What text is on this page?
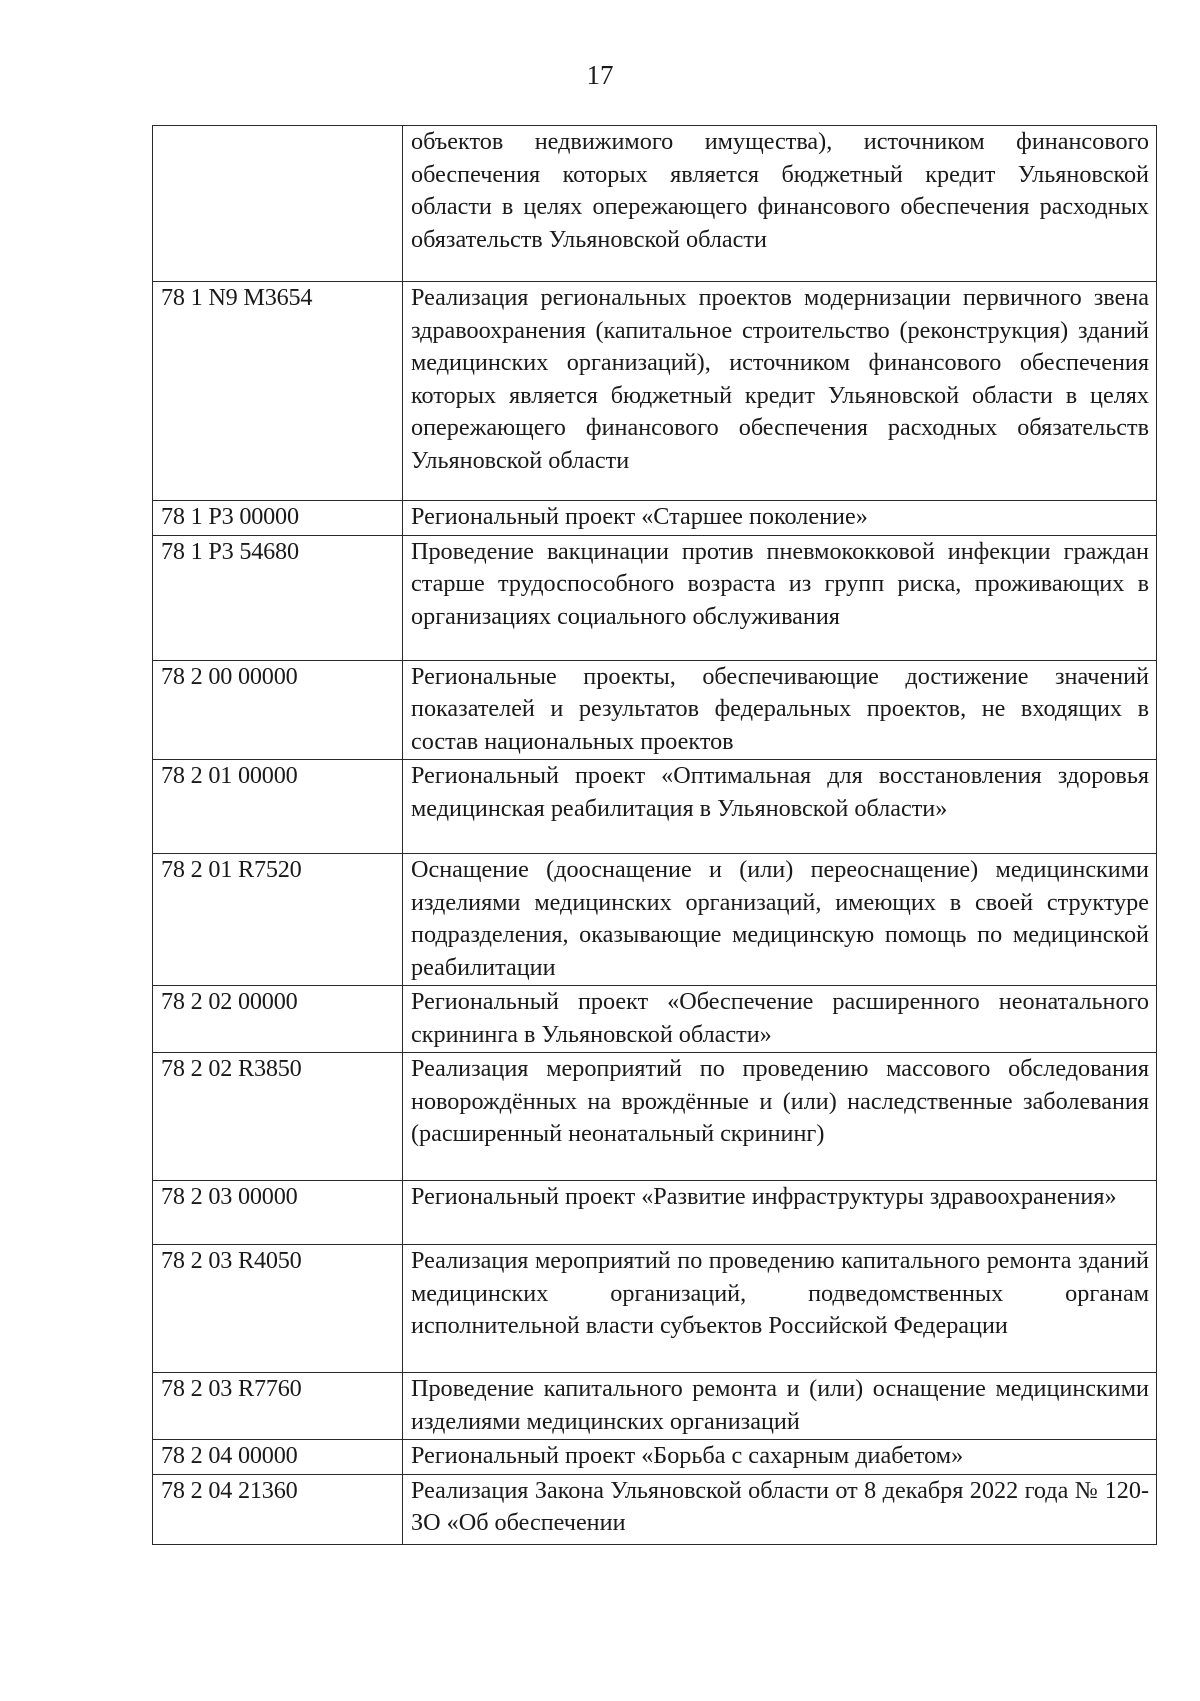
17
	объектов недвижимого имущества), источником финансового обеспечения которых является бюджетный кредит Ульяновской области в целях опережающего финансового обеспечения расходных обязательств Ульяновской области
78 1 N9 M3654	Реализация региональных проектов модернизации первичного звена здравоохранения (капитальное строительство (реконструкция) зданий медицинских организаций), источником финансового обеспечения которых является бюджетный кредит Ульяновской области в целях опережающего финансового обеспечения расходных обязательств Ульяновской области
78 1 P3 00000	Региональный проект «Старшее поколение»
78 1 P3 54680	Проведение вакцинации против пневмококковой инфекции граждан старше трудоспособного возраста из групп риска, проживающих в организациях социального обслуживания
78 2 00 00000	Региональные проекты, обеспечивающие достижение значений показателей и результатов федеральных проектов, не входящих в состав национальных проектов
78 2 01 00000	Региональный проект «Оптимальная для восстановления здоровья медицинская реабилитация в Ульяновской области»
78 2 01 R7520	Оснащение (дооснащение и (или) переоснащение) медицинскими изделиями медицинских организаций, имеющих в своей структуре подразделения, оказывающие медицинскую помощь по медицинской реабилитации
78 2 02 00000	Региональный проект «Обеспечение расширенного неонатального скрининга в Ульяновской области»
78 2 02 R3850	Реализация мероприятий по проведению массового обследования новорождённых на врождённые и (или) наследственные заболевания (расширенный неонатальный скрининг)
78 2 03 00000	Региональный проект «Развитие инфраструктуры здравоохранения»
78 2 03 R4050	Реализация мероприятий по проведению капитального ремонта зданий медицинских организаций, подведомственных органам исполнительной власти субъектов Российской Федерации
78 2 03 R7760	Проведение капитального ремонта и (или) оснащение медицинскими изделиями медицинских организаций
78 2 04 00000	Региональный проект «Борьба с сахарным диабетом»
78 2 04 21360	Реализация Закона Ульяновской области от 8 декабря 2022 года № 120-ЗО «Об обеспечении
